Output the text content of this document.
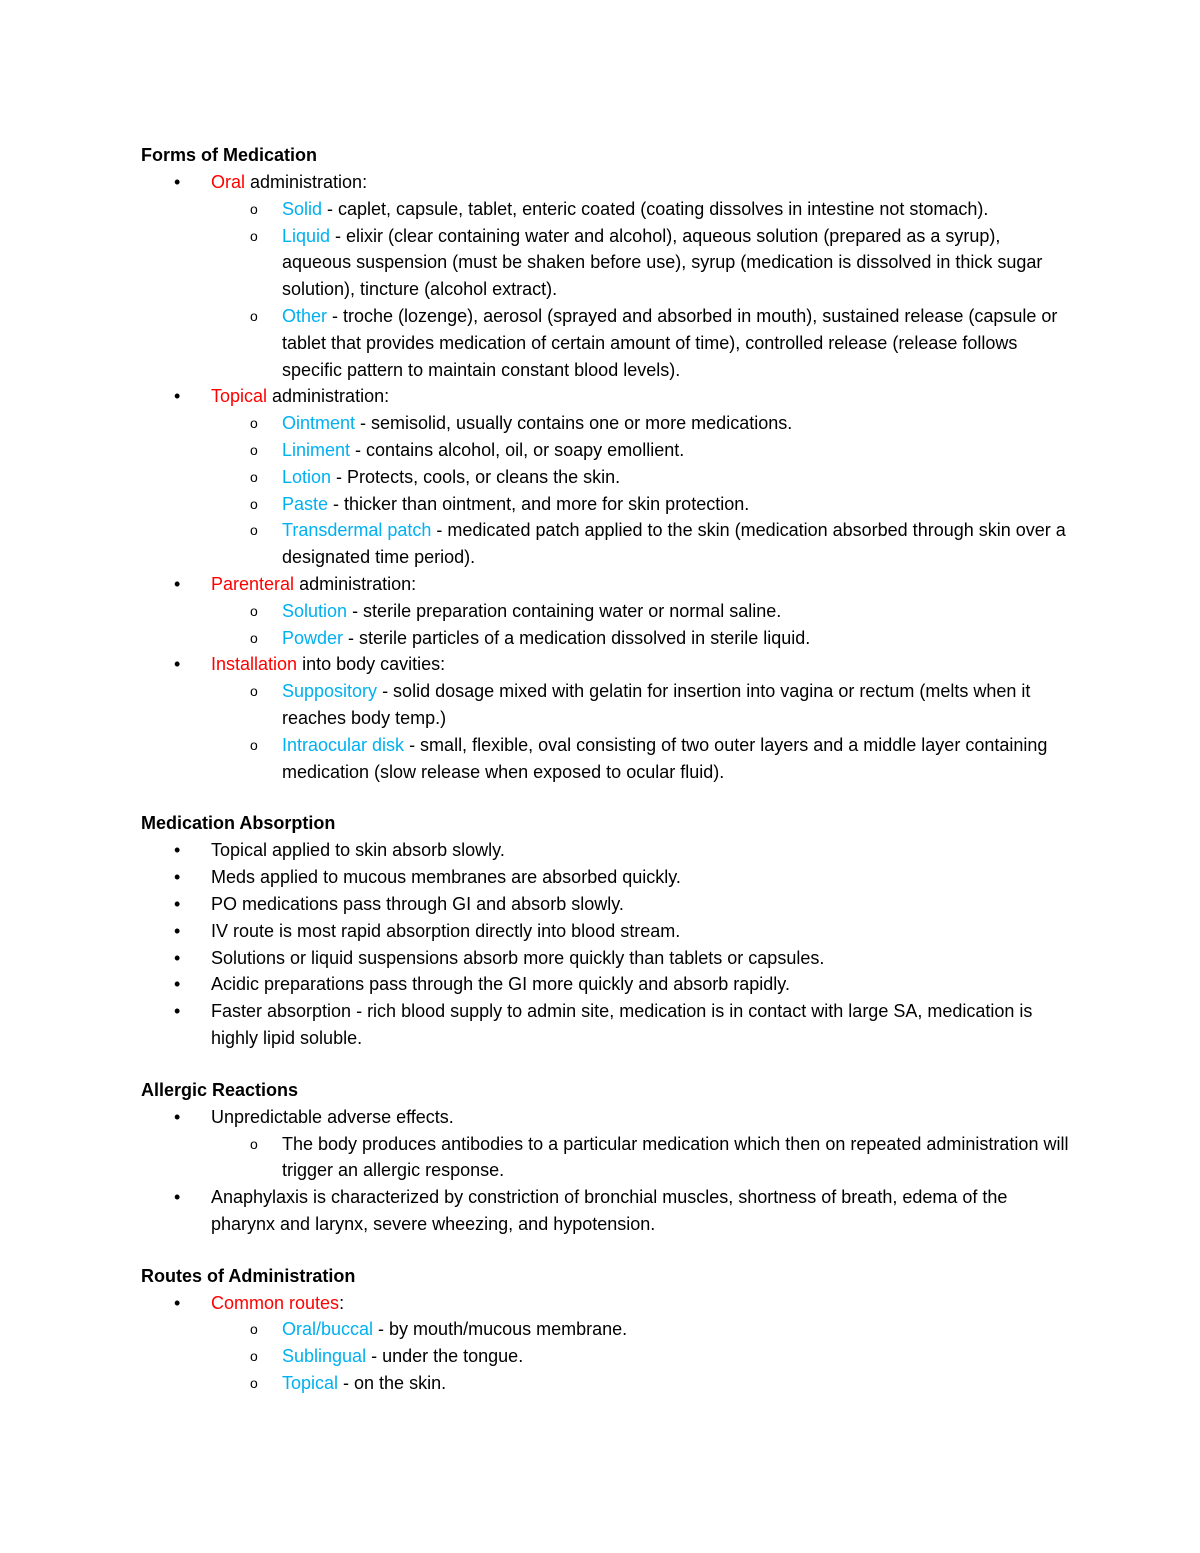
Forms of Medication
• Oral administration:
o Solid - caplet, capsule, tablet, enteric coated (coating dissolves in intestine not stomach).
o Liquid - elixir (clear containing water and alcohol), aqueous solution (prepared as a syrup), aqueous suspension (must be shaken before use), syrup (medication is dissolved in thick sugar solution), tincture (alcohol extract).
o Other - troche (lozenge), aerosol (sprayed and absorbed in mouth), sustained release (capsule or tablet that provides medication of certain amount of time), controlled release (release follows specific pattern to maintain constant blood levels).
• Topical administration:
o Ointment - semisolid, usually contains one or more medications.
o Liniment - contains alcohol, oil, or soapy emollient.
o Lotion - Protects, cools, or cleans the skin.
o Paste - thicker than ointment, and more for skin protection.
o Transdermal patch - medicated patch applied to the skin (medication absorbed through skin over a designated time period).
• Parenteral administration:
o Solution - sterile preparation containing water or normal saline.
o Powder - sterile particles of a medication dissolved in sterile liquid.
• Installation into body cavities:
o Suppository - solid dosage mixed with gelatin for insertion into vagina or rectum (melts when it reaches body temp.)
o Intraocular disk - small, flexible, oval consisting of two outer layers and a middle layer containing medication (slow release when exposed to ocular fluid).
Medication Absorption
• Topical applied to skin absorb slowly.
• Meds applied to mucous membranes are absorbed quickly.
• PO medications pass through GI and absorb slowly.
• IV route is most rapid absorption directly into blood stream.
• Solutions or liquid suspensions absorb more quickly than tablets or capsules.
• Acidic preparations pass through the GI more quickly and absorb rapidly.
• Faster absorption - rich blood supply to admin site, medication is in contact with large SA, medication is highly lipid soluble.
Allergic Reactions
• Unpredictable adverse effects.
o The body produces antibodies to a particular medication which then on repeated administration will trigger an allergic response.
• Anaphylaxis is characterized by constriction of bronchial muscles, shortness of breath, edema of the pharynx and larynx, severe wheezing, and hypotension.
Routes of Administration
• Common routes:
o Oral/buccal - by mouth/mucous membrane.
o Sublingual - under the tongue.
o Topical - on the skin.
